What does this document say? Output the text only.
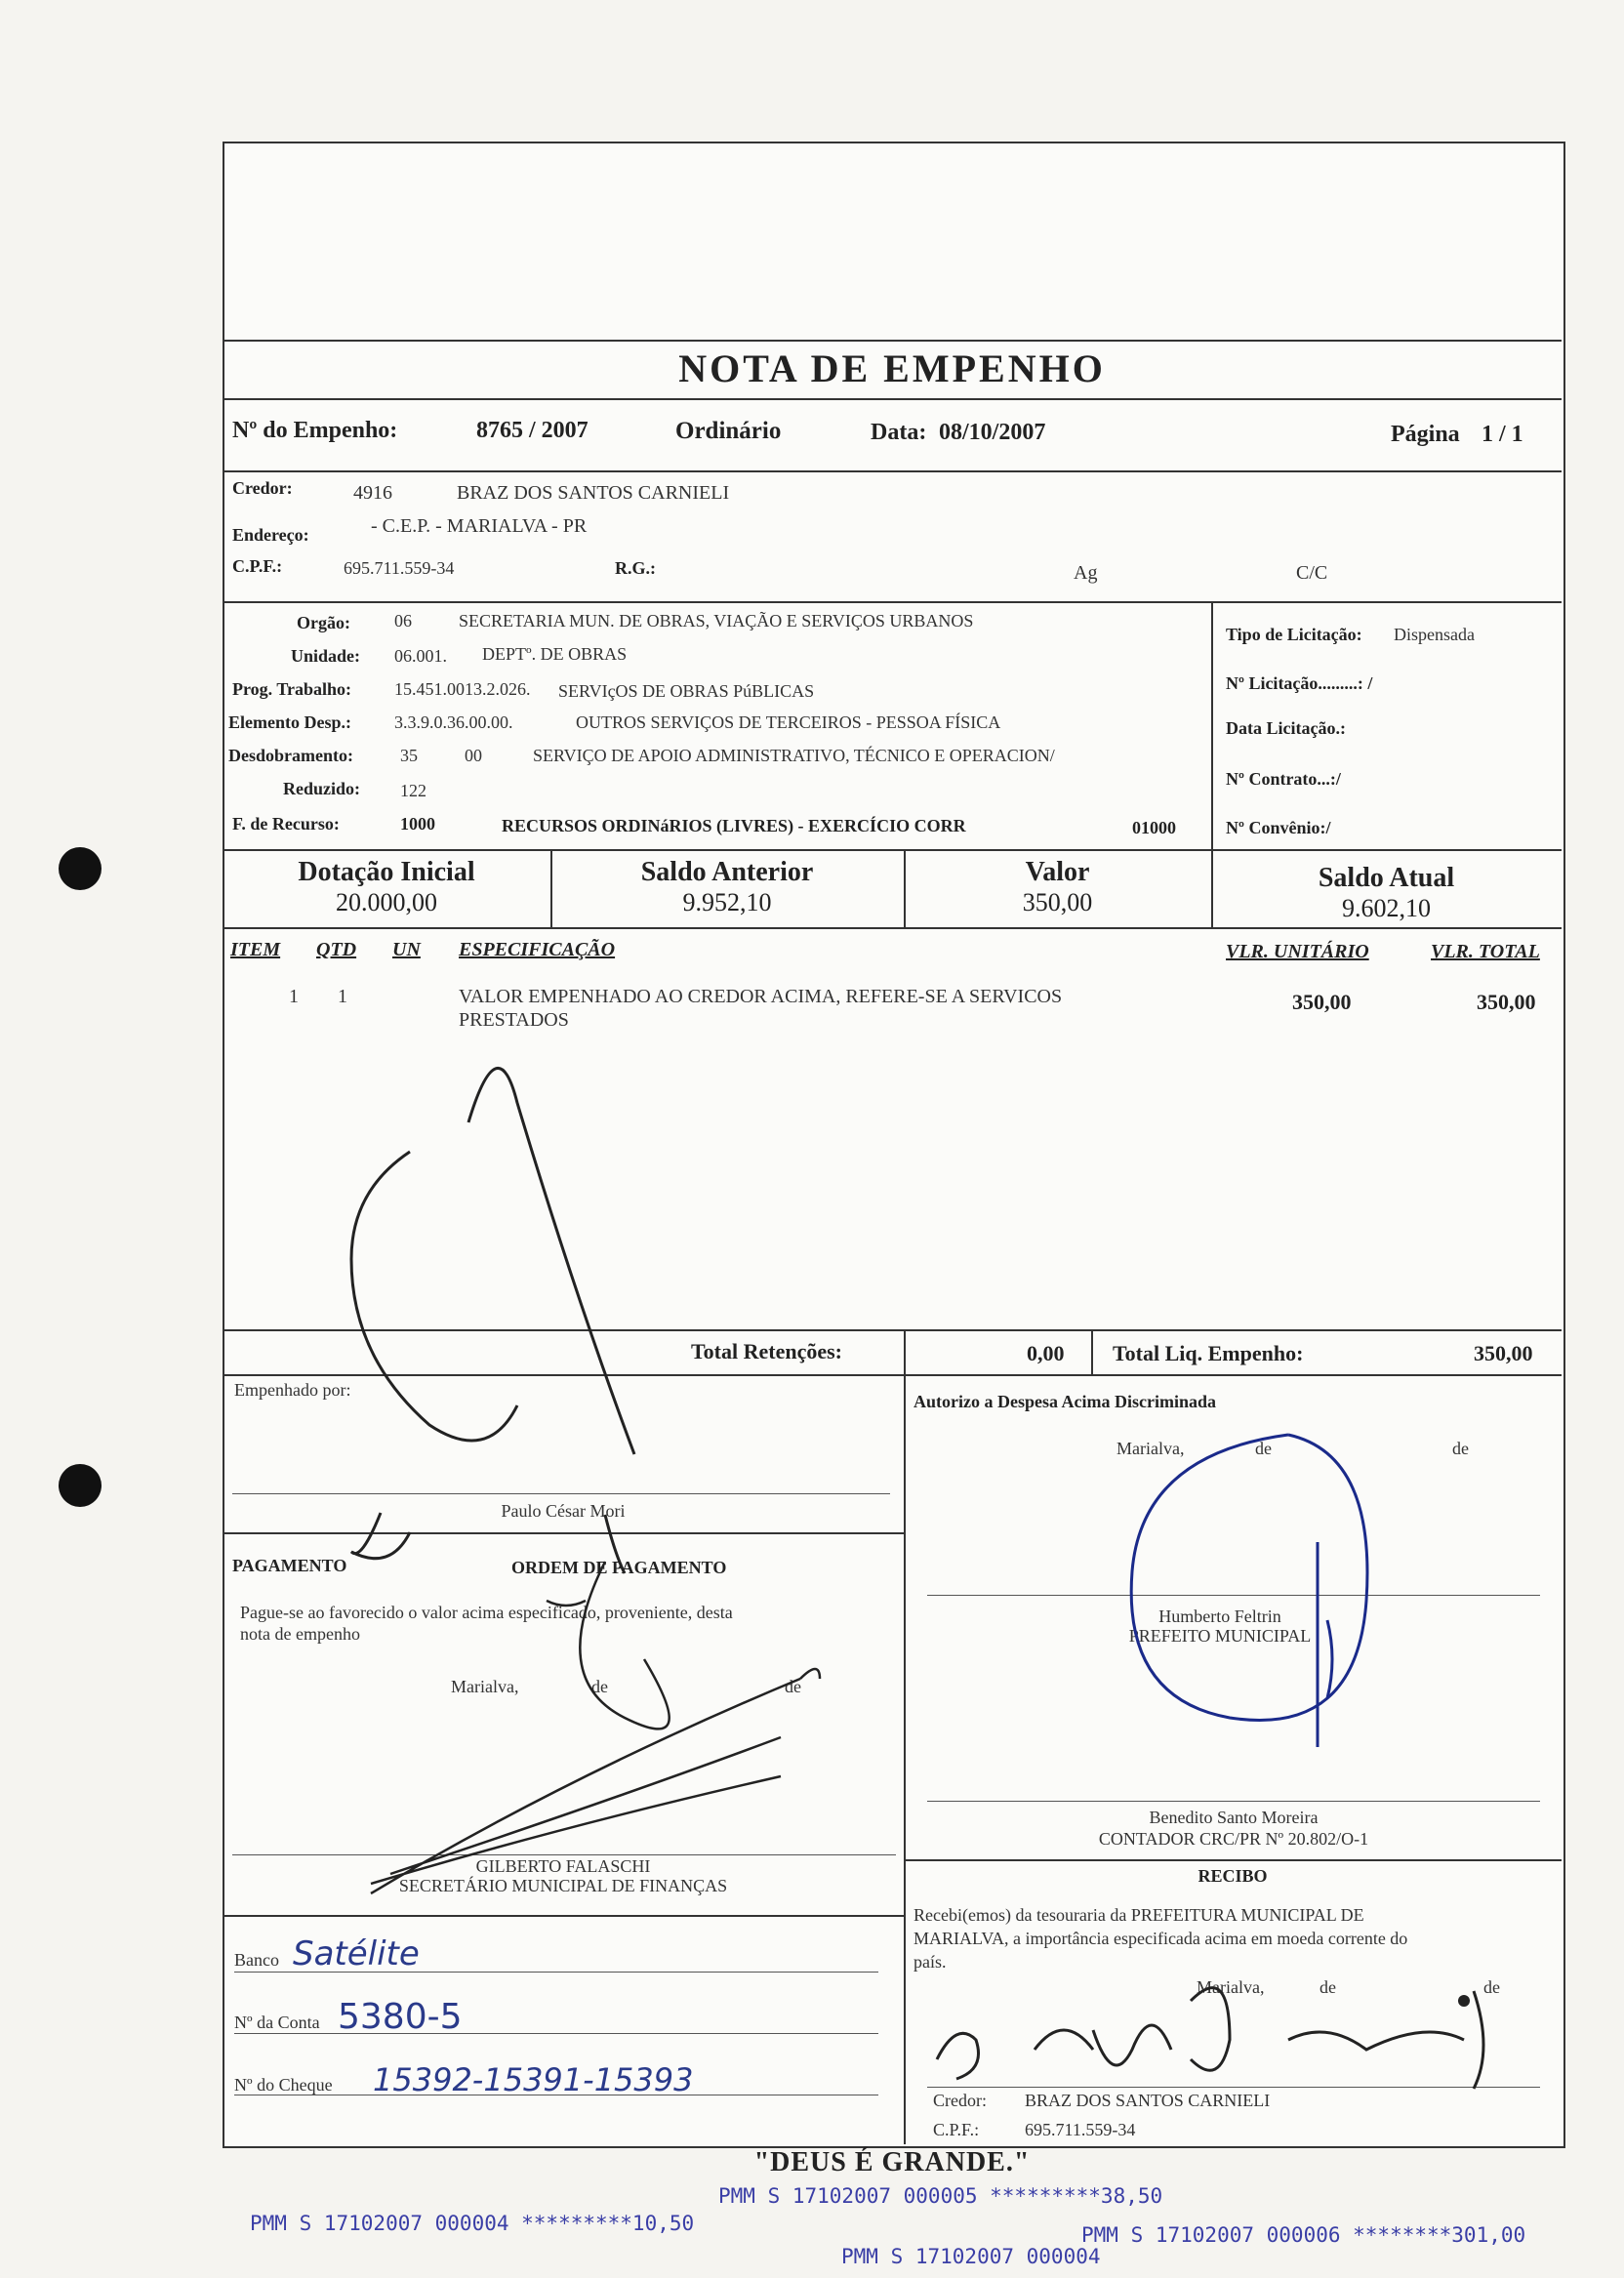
NOTA DE EMPENHO
Nº do Empenho:	8765 / 2007	Ordinário	Data: 08/10/2007	Página 1 / 1
Credor:	4916	BRAZ DOS SANTOS CARNIELI
Endereço:	- C.E.P. - MARIALVA - PR
C.P.F.:	695.711.559-34	R.G.:	Ag	C/C
Orgão:	06	SECRETARIA MUN. DE OBRAS, VIAÇÃO E SERVIÇOS URBANOS
Unidade: 06.001. DEPTº. DE OBRAS
Prog. Trabalho: 15.451.0013.2.026. SERVIçOS DE OBRAS PúBLICAS
Elemento Desp.: 3.3.9.0.36.00.00.	OUTROS SERVIÇOS DE TERCEIROS - PESSOA FÍSICA
Desdobramento:	35	00	SERVIÇO DE APOIO ADMINISTRATIVO, TÉCNICO E OPERACION/
Reduzido: 122
F. de Recurso:	1000	RECURSOS ORDINáRIOS (LIVRES) - EXERCÍCIO CORR	01000
Tipo de Licitação: Dispensada
Nº Licitação.........: /
Data Licitação.:
Nº Contrato...:/
Nº Convênio:/
Dotação Inicial
20.000,00
Saldo Anterior
9.952,10
Valor
350,00
Saldo Atual
9.602,10
ITEM QTD UN ESPECIFICAÇÃO	VLR. UNITÁRIO	VLR. TOTAL
1 1	VALOR EMPENHADO AO CREDOR ACIMA, REFERE-SE A SERVICOS
PRESTADOS
350,00	350,00
Total Retenções:	0,00 Total Liq. Empenho:	350,00
Empenhado por:
Paulo César Mori
Autorizo a Despesa Acima Discriminada
Marialva,	de	de
Humberto Feltrin
PREFEITO MUNICIPAL
PAGAMENTO	ORDEM DE PAGAMENTO
Pague-se ao favorecido o valor acima especificado, proveniente, desta
nota de empenho
Marialva,	de	de
GILBERTO FALASCHI
SECRETÁRIO MUNICIPAL DE FINANÇAS
Benedito Santo Moreira
CONTADOR CRC/PR Nº 20.802/O-1
Banco Satélite
Nº da Conta 5380-5
Nº do Cheque 15392-15391-15393
RECIBO
Recebi(emos) da tesouraria da PREFEITURA MUNICIPAL DE
MARIALVA, a importância especificada acima em moeda corrente do
país.
Marialva,	de	de
Credor: BRAZ DOS SANTOS CARNIELI
C.P.F.:	695.711.559-34
"DEUS É GRANDE."
PMM S 17102007 000005 *********38,50
PMM S 17102007 000004 *********10,50	PMM S 17102007 000006 ********301,00
PMM S 17102007 000004
